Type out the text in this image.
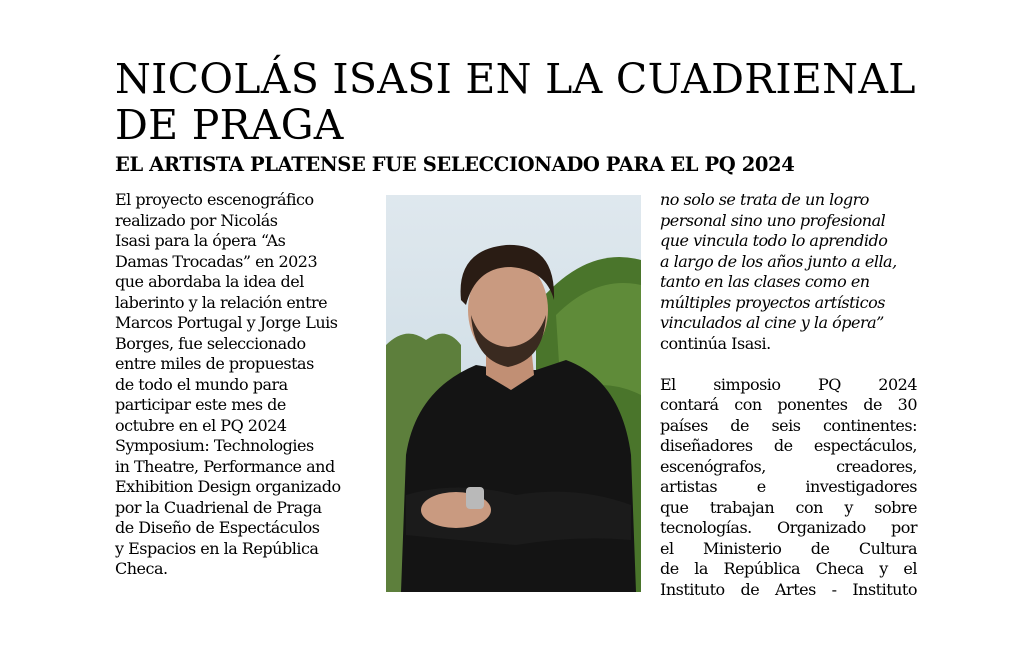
NICOLÁS ISASI EN LA CUADRIENAL DE PRAGA
EL ARTISTA PLATENSE FUE SELECCIONADO PARA EL PQ 2024
El proyecto escenográfico
realizado por Nicolás
Isasi para la ópera “As
Damas Trocadas” en 2023
que abordaba la idea del
laberinto y la relación entre
Marcos Portugal y Jorge Luis
Borges, fue seleccionado
entre miles de propuestas
de todo el mundo para
participar este mes de
octubre en el PQ 2024
Symposium: Technologies
in Theatre, Performance and
Exhibition Design organizado
por la Cuadrienal de Praga
de Diseño de Espectáculos
y Espacios en la República
Checa.
no solo se trata de un logro
personal sino uno profesional
que vincula todo lo aprendido
a largo de los años junto a ella,
tanto en las clases como en
múltiples proyectos artísticos
vinculados al cine y la ópera”
continúa Isasi.
El simposio PQ 2024
contará con ponentes de 30
países de seis continentes:
diseñadores de espectáculos,
escenógrafos, creadores,
artistas e investigadores
que trabajan con y sobre
tecnologías. Organizado por
el Ministerio de Cultura
de la República Checa y el
Instituto de Artes - Instituto
